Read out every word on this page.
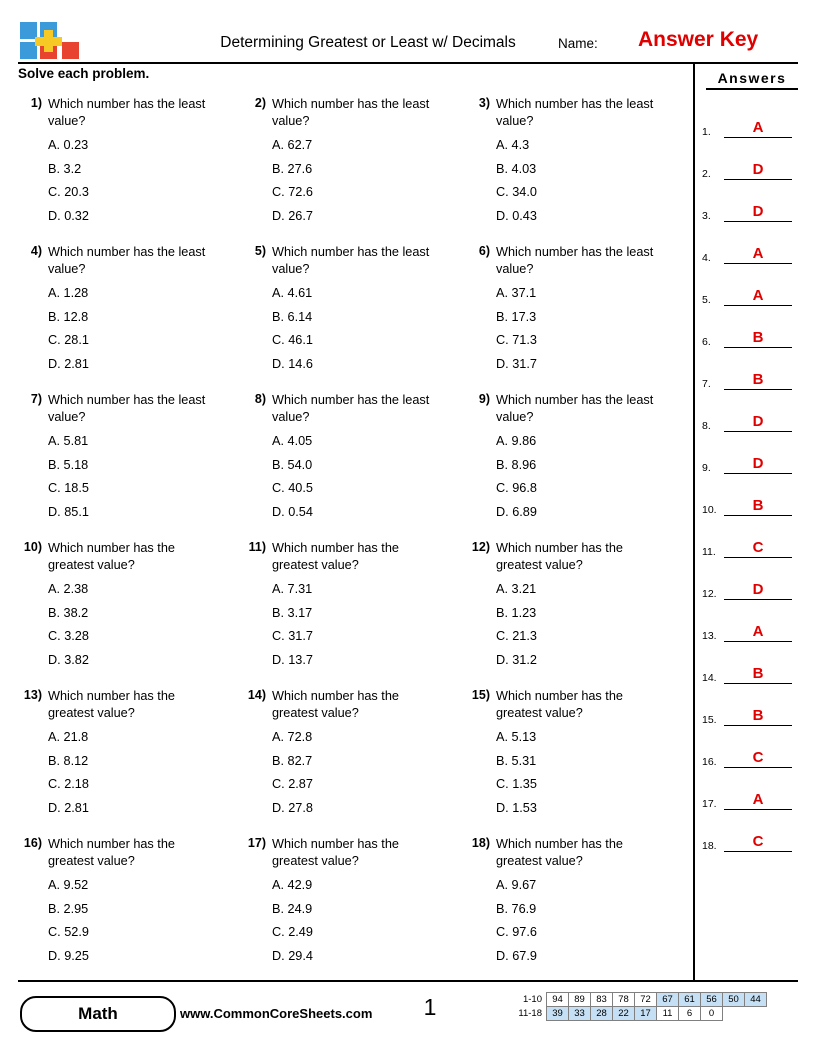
Determining Greatest or Least w/ Decimals	Name: Answer Key
Solve each problem.	Answers
1.	A
2.	D
3.	D
4.	A
5.	A
6.	B
7.	B
8.	D
9.	D
10.	B
11.	C
12.	D
13.	A
14.	B
15.	B
16.	C
17.	A
18.	C
1) Which number has the least value?
A. 0.23
B. 3.2
C. 20.3
D. 0.32
2) Which number has the least value?
A. 62.7
B. 27.6
C. 72.6
D. 26.7
3) Which number has the least value?
A. 4.3
B. 4.03
C. 34.0
D. 0.43
4) Which number has the least value?
A. 1.28
B. 12.8
C. 28.1
D. 2.81
5) Which number has the least value?
A. 4.61
B. 6.14
C. 46.1
D. 14.6
6) Which number has the least value?
A. 37.1
B. 17.3
C. 71.3
D. 31.7
7) Which number has the least value?
A. 5.81
B. 5.18
C. 18.5
D. 85.1
8) Which number has the least value?
A. 4.05
B. 54.0
C. 40.5
D. 0.54
9) Which number has the least value?
A. 9.86
B. 8.96
C. 96.8
D. 6.89
10) Which number has the greatest value?
A. 2.38
B. 38.2
C. 3.28
D. 3.82
11) Which number has the greatest value?
A. 7.31
B. 3.17
C. 31.7
D. 13.7
12) Which number has the greatest value?
A. 3.21
B. 1.23
C. 21.3
D. 31.2
13) Which number has the greatest value?
A. 21.8
B. 8.12
C. 2.18
D. 2.81
14) Which number has the greatest value?
A. 72.8
B. 82.7
C. 2.87
D. 27.8
15) Which number has the greatest value?
A. 5.13
B. 5.31
C. 1.35
D. 1.53
16) Which number has the greatest value?
A. 9.52
B. 2.95
C. 52.9
D. 9.25
17) Which number has the greatest value?
A. 42.9
B. 24.9
C. 2.49
D. 29.4
18) Which number has the greatest value?
A. 9.67
B. 76.9
C. 97.6
D. 67.9
Math	www.CommonCoreSheets.com	1	1-10	94	89	83	78	72	67	61	56	50	44
11-18	39	33	28	22	17	11	6	0		
